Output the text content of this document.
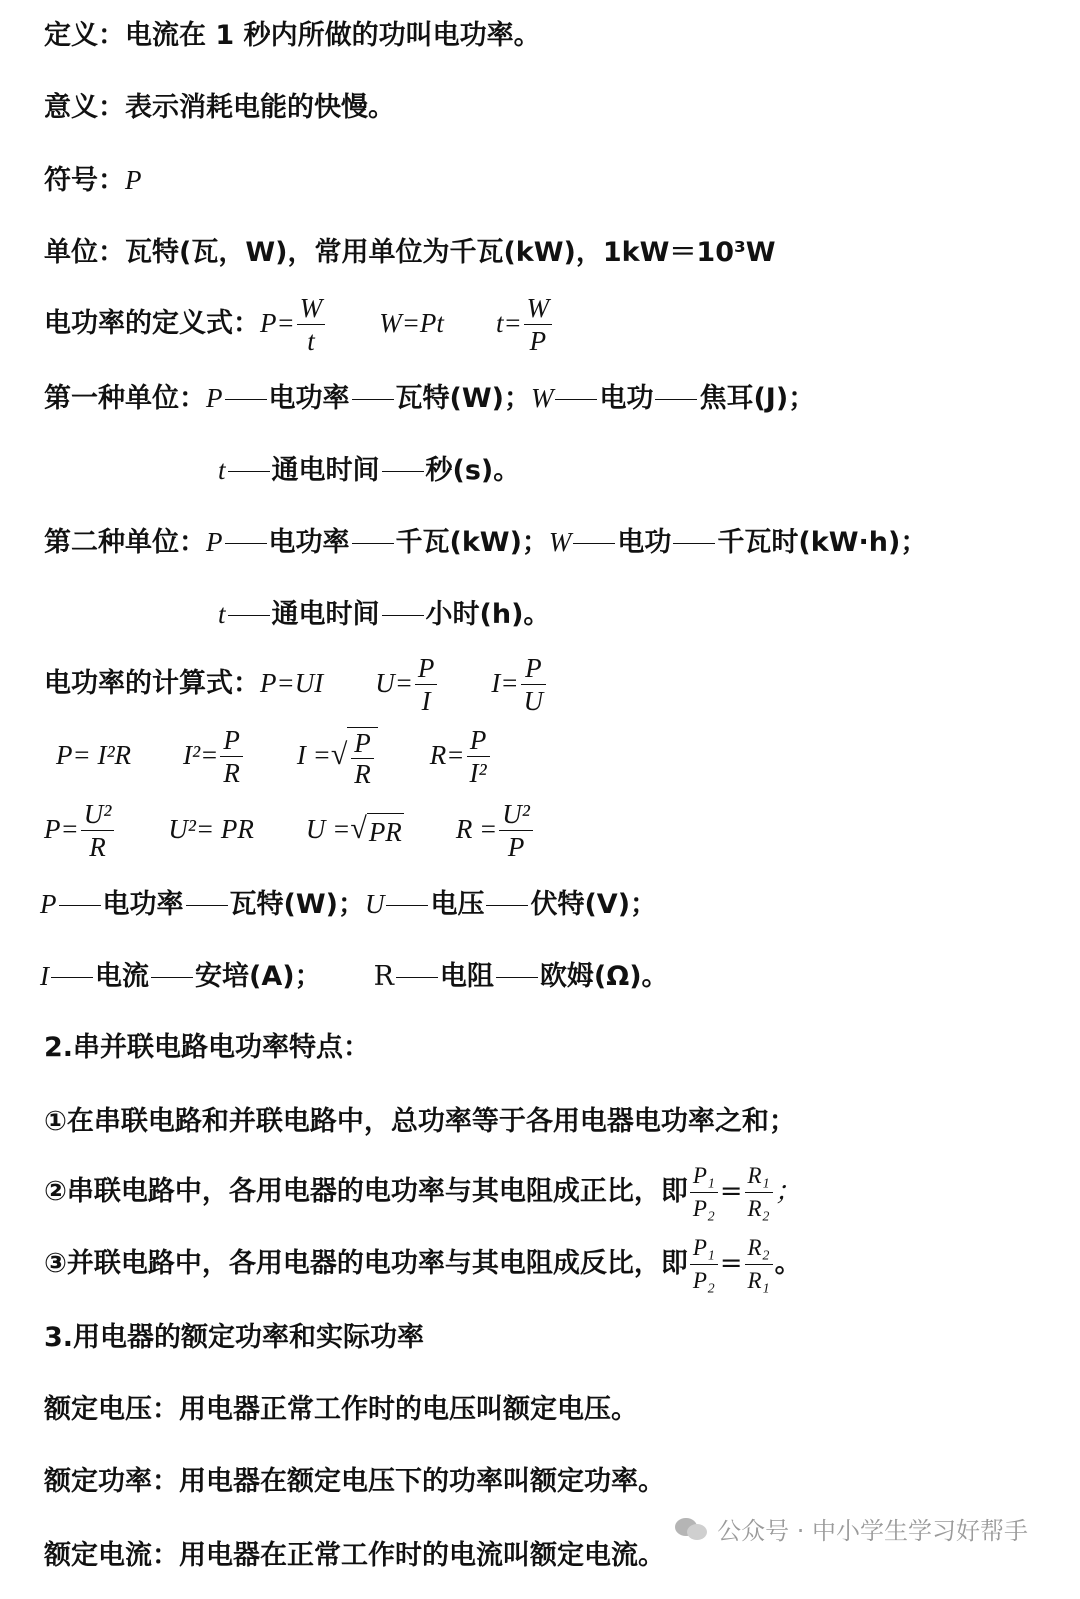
定义：电流在 1 秒内所做的功叫电功率。
意义：表示消耗电能的快慢。
符号：P
单位：瓦特(瓦，W)，常用单位为千瓦(kW)，1kW＝10³W
电功率的定义式：$P= \frac{W}{t} W=Pt$ $t= \frac{W}{P}$
第一种单位：P 电功率 瓦特(W)；W 电功 焦耳(J)；
t 通电时间 秒(s)。
第二种单位：P 电功率 千瓦(kW)；W 电功 千瓦时(kW·h)；
t 通电时间 小时(h)。
电功率的计算式：P=UI $U= \frac{P}{I} I= \frac{P}{U}$
P= I²R $I^2= \frac{P}{R}$ I =√ $\frac{P}{R} R= \frac{P}{\text{I²}}$
$P= \frac{\text{U²}}{R} U^2=$ PR U =√PR $R = \frac{\text{U²}}{P}$
P 电功率 瓦特(W)；U 电压 伏特(V)；
I 电流 安培(A)； R 电阻 欧姆(Ω)。
2.串并联电路电功率特点：
①在串联电路和并联电路中，总功率等于各用电器电功率之和；
②串联电路中，各用电器的电功率与其电阻成正比，即 $\frac{\text{P₁}}{\text{P₂}} = \frac{\text{R₁}}{\text{R₂}}$ ；
③并联电路中，各用电器的电功率与其电阻成反比，即 $\frac{\text{P₁}}{\text{P₂}} = \frac{\text{R₂}}{\text{R₁}}$ 。
3.用电器的额定功率和实际功率
额定电压：用电器正常工作时的电压叫额定电压。
额定功率：用电器在额定电压下的功率叫额定功率。
额定电流：用电器在正常工作时的电流叫额定电流。
公众号 · 中小学生学习好帮手
